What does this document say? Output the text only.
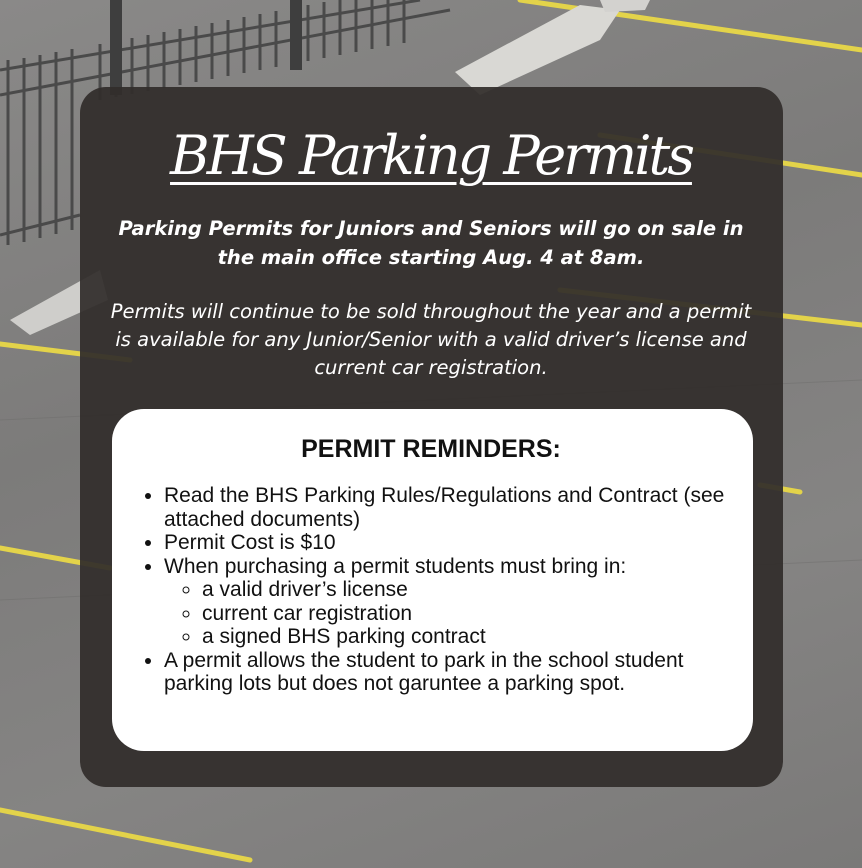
BHS Parking Permits

Parking Permits for Juniors and Seniors will go on sale in the main office starting Aug. 4 at 8am.

Permits will continue to be sold throughout the year and a permit is available for any Junior/Senior with a valid driver’s license and current car registration.

PERMIT REMINDERS:
• Read the BHS Parking Rules/Regulations and Contract (see attached documents)
• Permit Cost is $10
• When purchasing a permit students must bring in:
◦ a valid driver’s license
◦ current car registration
◦ a signed BHS parking contract
• A permit allows the student to park in the school student parking lots but does not garuntee a parking spot.
